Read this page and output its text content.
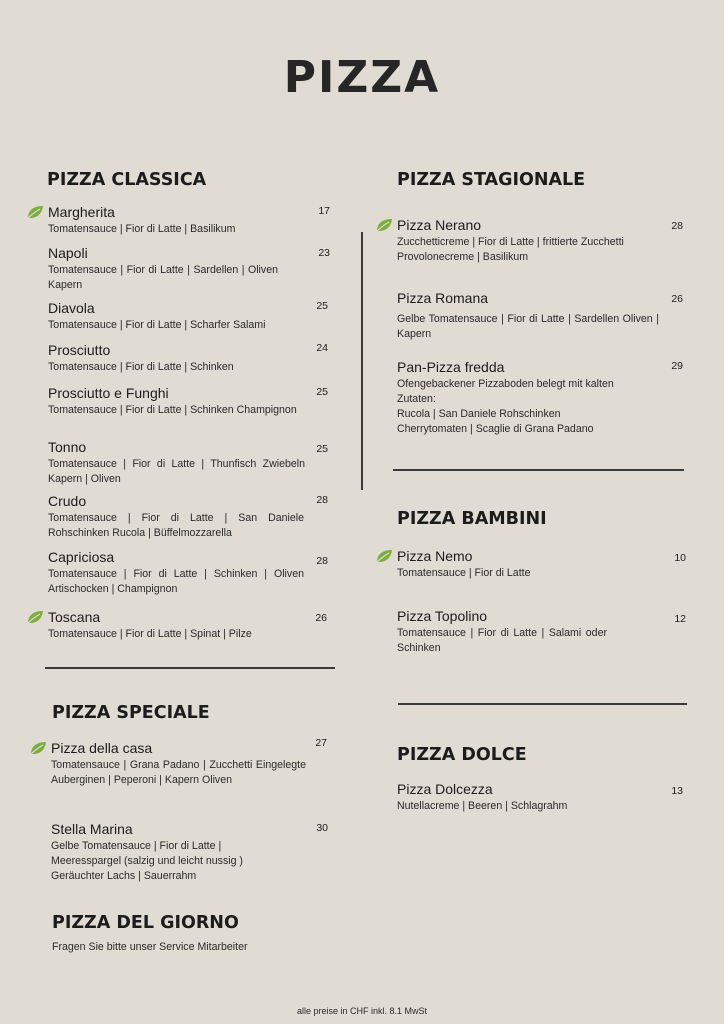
PIZZA
PIZZA CLASSICA
Margherita
Tomatensauce | Fior di Latte | Basilikum
17
Napoli
Tomatensauce | Fior di Latte | Sardellen | Oliven Kapern
23
Diavola
Tomatensauce | Fior di Latte | Scharfer Salami
25
Prosciutto
Tomatensauce | Fior di Latte | Schinken
24
Prosciutto e Funghi
Tomatensauce | Fior di Latte | Schinken Champignon
25
Tonno
Tomatensauce | Fior di Latte | Thunfisch Zwiebeln Kapern | Oliven
25
Crudo
Tomatensauce | Fior di Latte | San Daniele Rohschinken Rucola | Büffelmozzarella
28
Capriciosa
Tomatensauce | Fior di Latte | Schinken | Oliven Artischocken | Champignon
28
Toscana
Tomatensauce | Fior di Latte | Spinat | Pilze
26
PIZZA SPECIALE
Pizza della casa
Tomatensauce | Grana Padano | Zucchetti Eingelegte Auberginen | Peperoni | Kapern Oliven
27
Stella Marina
Gelbe Tomatensauce | Fior di Latte |
Meeresspargel (salzig und leicht nussig )
Geräuchter Lachs | Sauerrahm
30
PIZZA DEL GIORNO
Fragen Sie bitte unser Service Mitarbeiter
PIZZA STAGIONALE
Pizza Nerano
Zucchetticreme | Fior di Latte | frittierte Zucchetti
Provolonecreme | Basilikum
28
Pizza Romana
Gelbe Tomatensauce | Fior di Latte | Sardellen Oliven | Kapern
26
Pan-Pizza fredda
Ofengebackener Pizzaboden belegt mit kalten
Zutaten:
Rucola | San Daniele Rohschinken
Cherrytomaten | Scaglie di Grana Padano
29
PIZZA BAMBINI
Pizza Nemo
Tomatensauce | Fior di Latte
10
Pizza Topolino
Tomatensauce | Fior di Latte | Salami oder Schinken
12
PIZZA DOLCE
Pizza Dolcezza
Nutellacreme | Beeren | Schlagrahm
13
alle preise in CHF inkl. 8.1 MwSt
